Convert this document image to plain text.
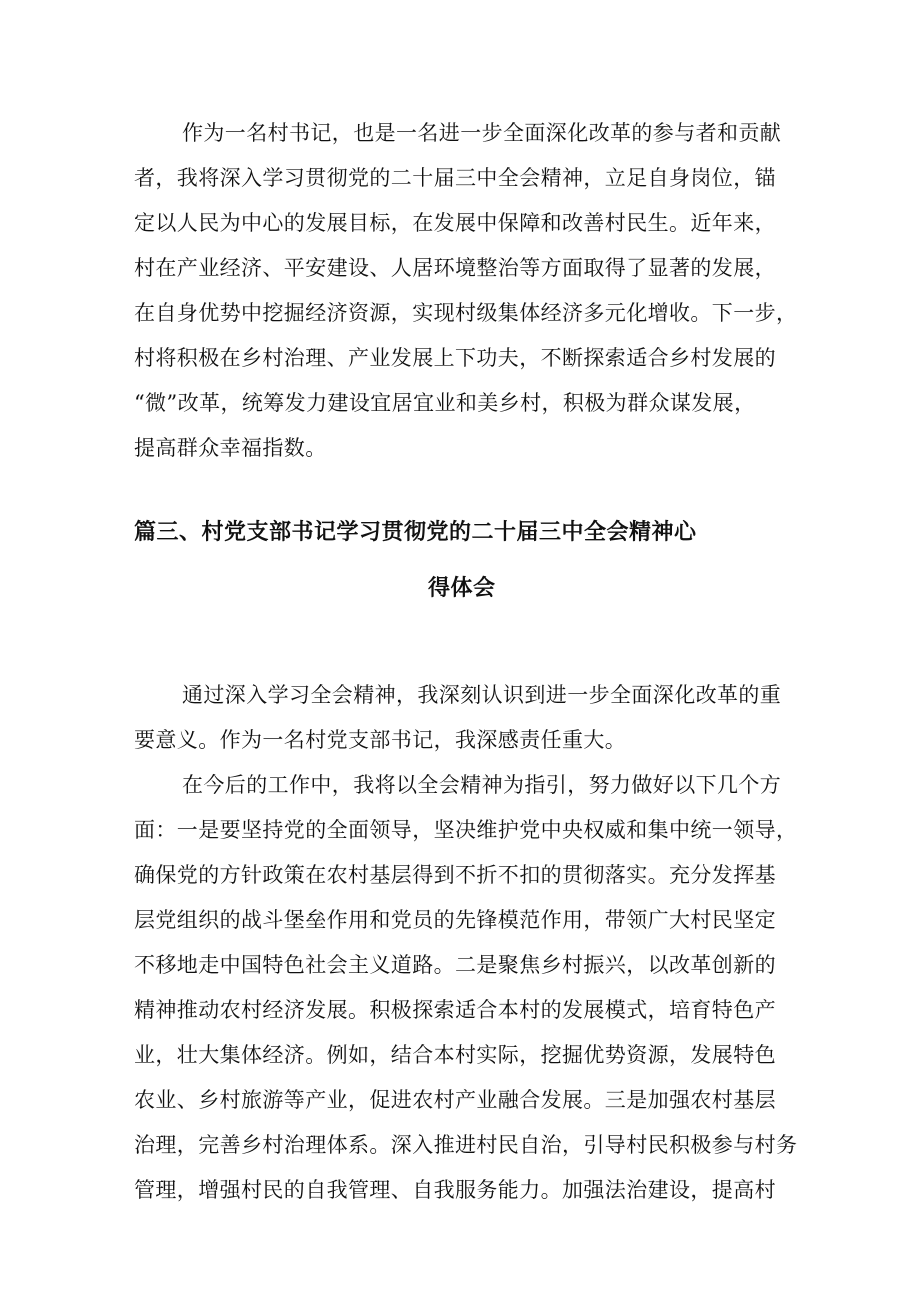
作为一名村书记，也是一名进一步全面深化改革的参与者和贡献
者，我将深入学习贯彻党的二十届三中全会精神，立足自身岗位，锚
定以人民为中心的发展目标，在发展中保障和改善村民生。近年来，
村在产业经济、平安建设、人居环境整治等方面取得了显著的发展，
在自身优势中挖掘经济资源，实现村级集体经济多元化增收。下一步，
村将积极在乡村治理、产业发展上下功夫，不断探索适合乡村发展的
“微”改革，统筹发力建设宜居宜业和美乡村，积极为群众谋发展，
提高群众幸福指数。
篇三、村党支部书记学习贯彻党的二十届三中全会精神心
得体会
通过深入学习全会精神，我深刻认识到进一步全面深化改革的重
要意义。作为一名村党支部书记，我深感责任重大。
在今后的工作中，我将以全会精神为指引，努力做好以下几个方
面：一是要坚持党的全面领导，坚决维护党中央权威和集中统一领导，
确保党的方针政策在农村基层得到不折不扣的贯彻落实。充分发挥基
层党组织的战斗堡垒作用和党员的先锋模范作用，带领广大村民坚定
不移地走中国特色社会主义道路。二是聚焦乡村振兴，以改革创新的
精神推动农村经济发展。积极探索适合本村的发展模式，培育特色产
业，壮大集体经济。例如，结合本村实际，挖掘优势资源，发展特色
农业、乡村旅游等产业，促进农村产业融合发展。三是加强农村基层
治理，完善乡村治理体系。深入推进村民自治，引导村民积极参与村务
管理，增强村民的自我管理、自我服务能力。加强法治建设，提高村
